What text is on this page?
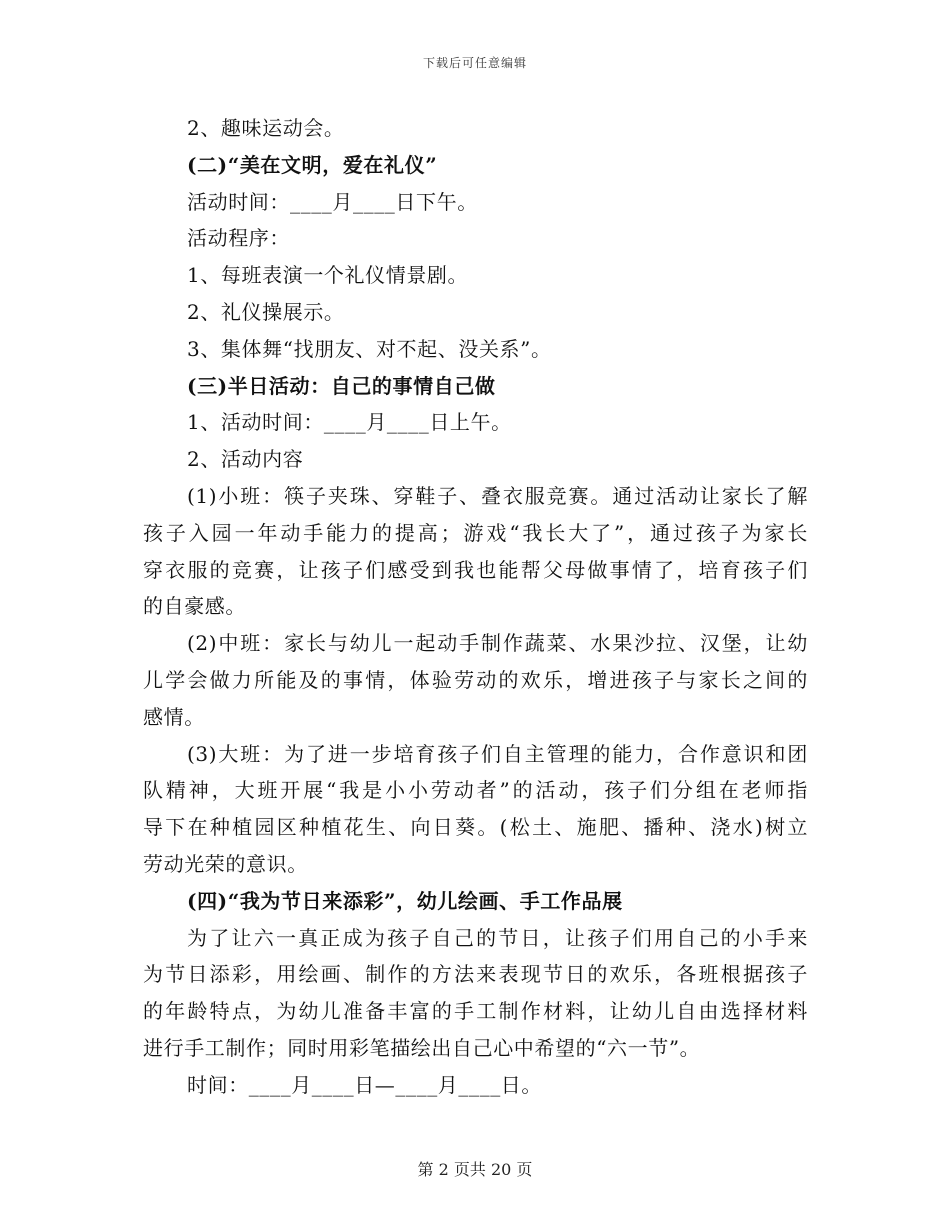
下载后可任意编辑
2、趣味运动会。
(二)“美在文明，爱在礼仪”
活动时间：____月____日下午。
活动程序：
1、每班表演一个礼仪情景剧。
2、礼仪操展示。
3、集体舞“找朋友、对不起、没关系”。
(三)半日活动：自己的事情自己做
1、活动时间：____月____日上午。
2、活动内容
(1)小班：筷子夹珠、穿鞋子、叠衣服竞赛。通过活动让家长了解
孩子入园一年动手能力的提高；游戏“我长大了”，通过孩子为家长
穿衣服的竞赛，让孩子们感受到我也能帮父母做事情了，培育孩子们
的自豪感。
(2)中班：家长与幼儿一起动手制作蔬菜、水果沙拉、汉堡，让幼
儿学会做力所能及的事情，体验劳动的欢乐，增进孩子与家长之间的
感情。
(3)大班：为了进一步培育孩子们自主管理的能力，合作意识和团
队精神，大班开展“我是小小劳动者”的活动，孩子们分组在老师指
导下在种植园区种植花生、向日葵。(松土、施肥、播种、浇水)树立
劳动光荣的意识。
(四)“我为节日来添彩”，幼儿绘画、手工作品展
为了让六一真正成为孩子自己的节日，让孩子们用自己的小手来
为节日添彩，用绘画、制作的方法来表现节日的欢乐，各班根据孩子
的年龄特点，为幼儿准备丰富的手工制作材料，让幼儿自由选择材料
进行手工制作；同时用彩笔描绘出自己心中希望的“六一节”。
时间：____月____日—____月____日。
第 2 页共 20 页
